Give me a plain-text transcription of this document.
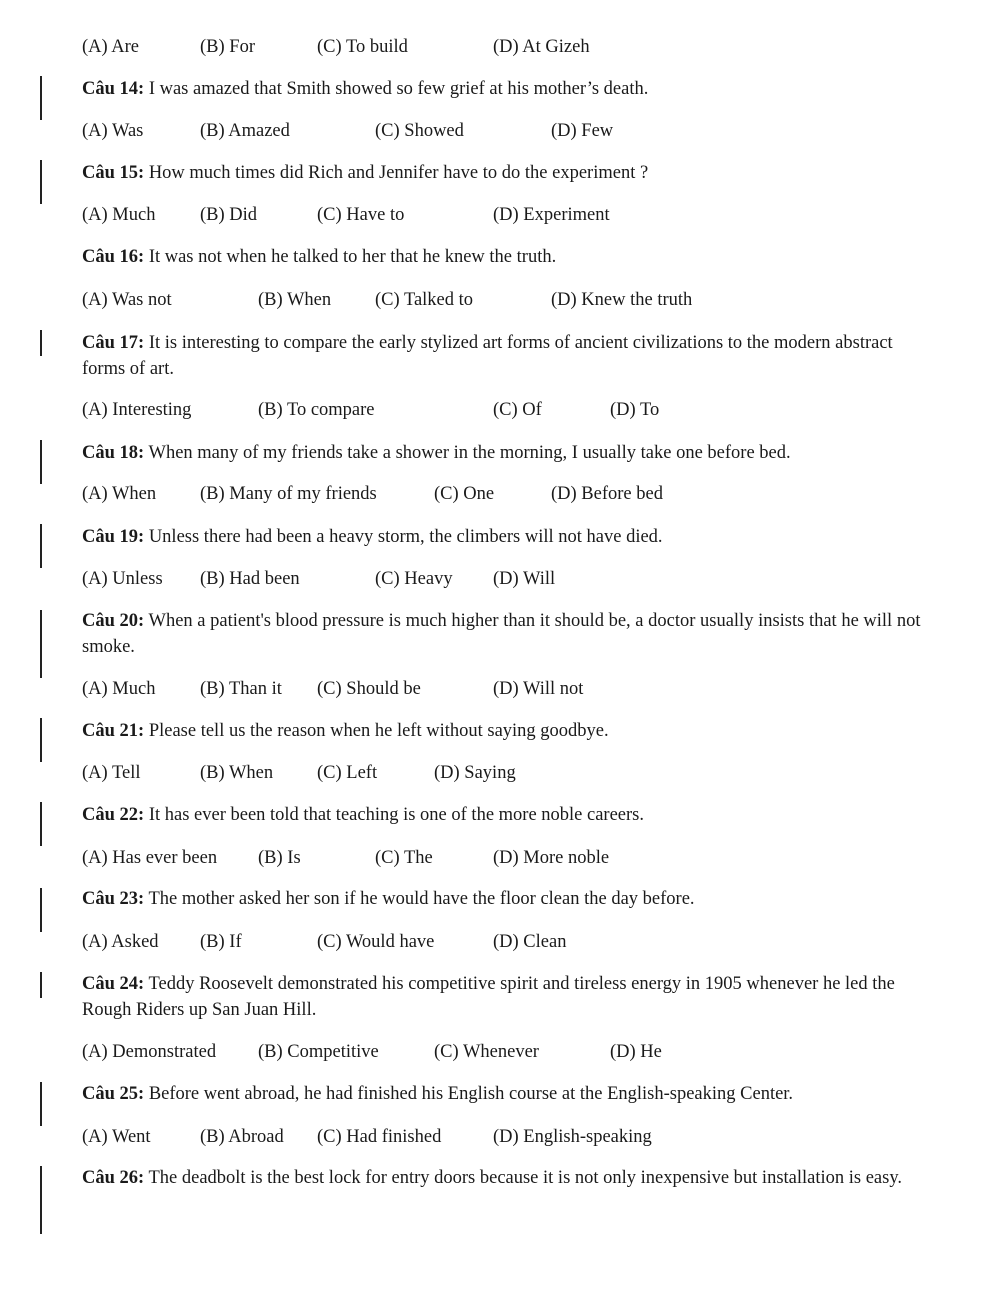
(A) Are	(B) For	(C) To build	(D) At Gizeh
Câu 14: I was amazed that Smith showed so few grief at his mother’s death.
(A) Was	(B) Amazed	(C) Showed	(D) Few
Câu 15: How much times did Rich and Jennifer have to do the experiment ?
(A) Much (B) Did	(C) Have to	(D) Experiment
Câu 16: It was not when he talked to her that he knew the truth.
(A) Was not	(B) When (C) Talked to	(D) Knew the truth
Câu 17: It is interesting to compare the early stylized art forms of ancient civilizations to the modern abstract forms of art.
(A) Interesting	(B) To compare	(C) Of	(D) To
Câu 18: When many of my friends take a shower in the morning, I usually take one before bed.
(A) When (B) Many of my friends	(C) One	(D) Before bed
Câu 19: Unless there had been a heavy storm, the climbers will not have died.
(A) Unless (B) Had been	(C) Heavy (D) Will
Câu 20: When a patient's blood pressure is much higher than it should be, a doctor usually insists that he will not smoke.
(A) Much (B) Than it (C) Should be	(D) Will not
Câu 21: Please tell us the reason when he left without saying goodbye.
(A) Tell	(B) When (C) Left	(D) Saying
Câu 22: It has ever been told that teaching is one of the more noble careers.
(A) Has ever been (B) Is	(C) The	(D) More noble
Câu 23: The mother asked her son if he would have the floor clean the day before.
(A) Asked (B) If	(C) Would have	(D) Clean
Câu 24: Teddy Roosevelt demonstrated his competitive spirit and tireless energy in 1905 whenever he led the Rough Riders up San Juan Hill.
(A) Demonstrated (B) Competitive	(C) Whenever	(D) He
Câu 25: Before went abroad, he had finished his English course at the English-speaking Center.
(A) Went	(B) Abroad (C) Had finished	(D) English-speaking
Câu 26: The deadbolt is the best lock for entry doors because it is not only inexpensive but installation is easy.
